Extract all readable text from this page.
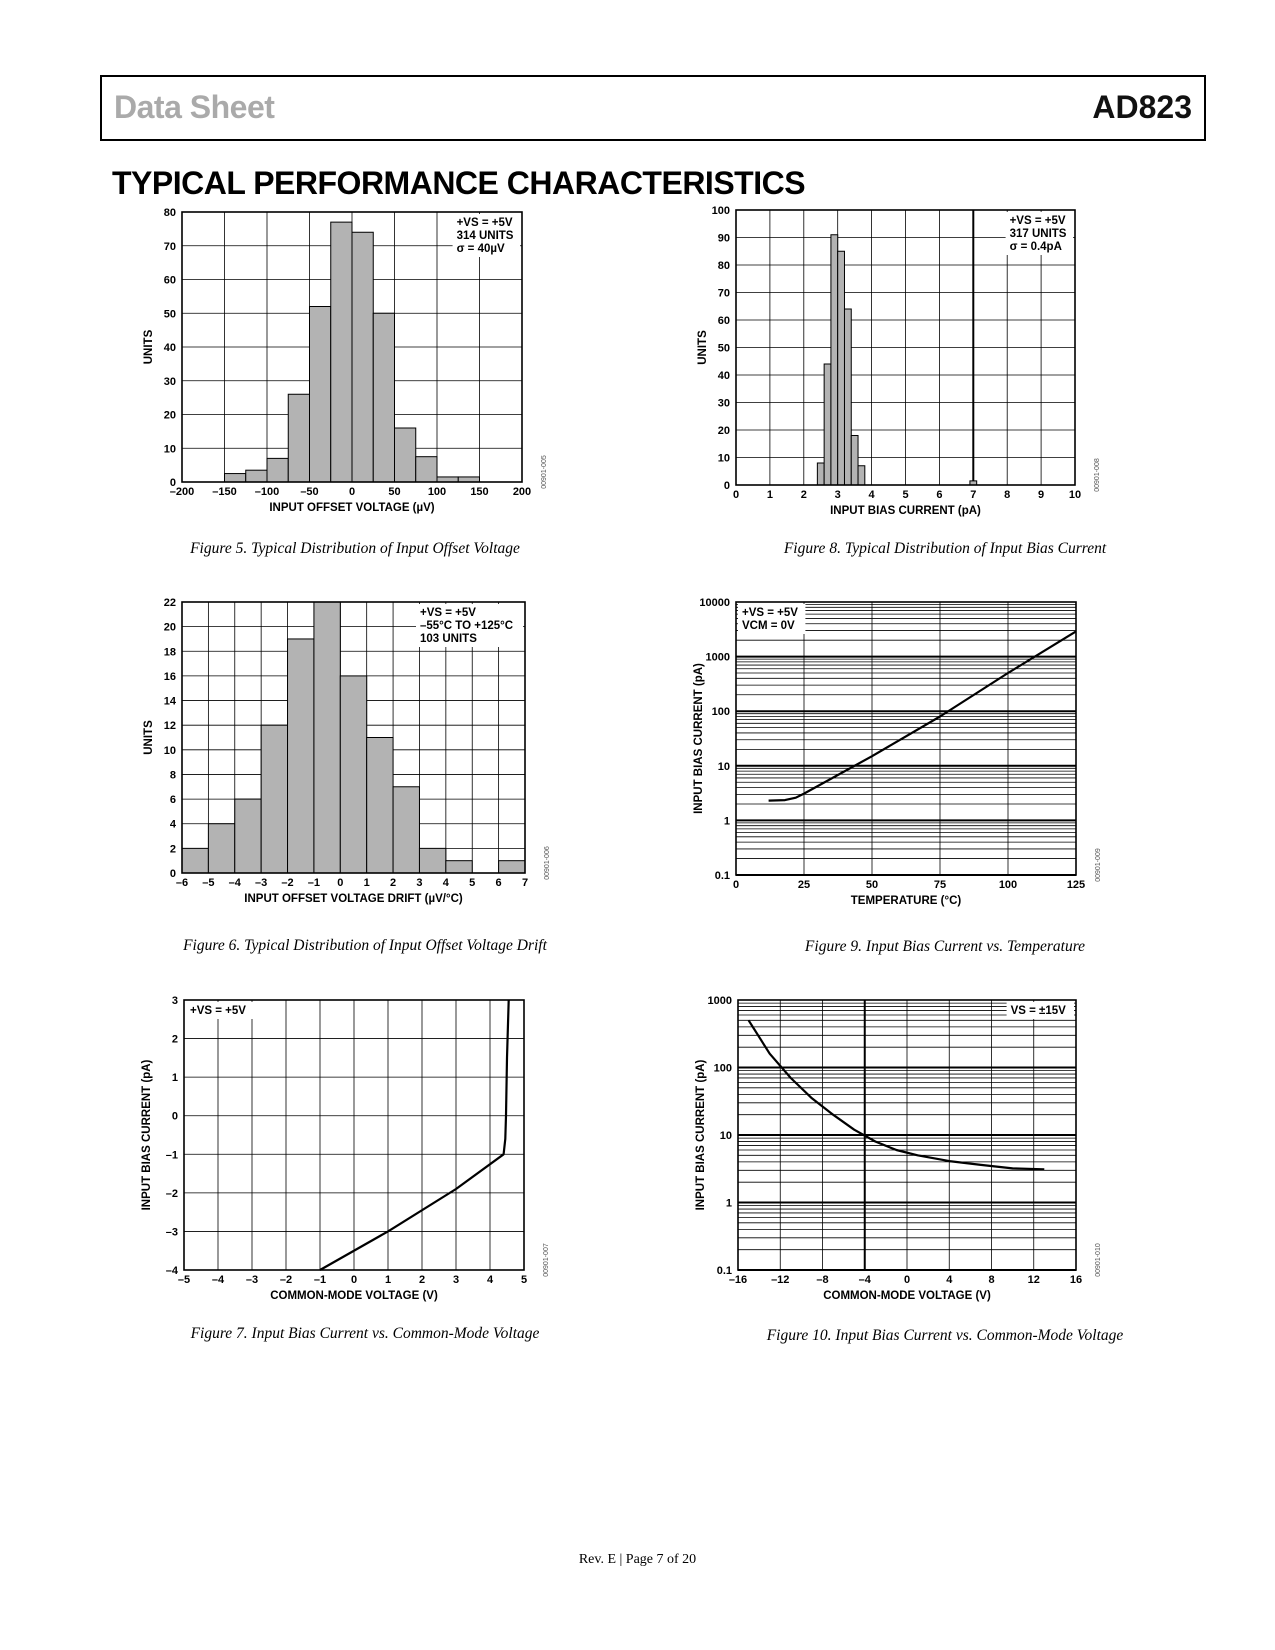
Data Sheet	AD823
TYPICAL PERFORMANCE CHARACTERISTICS
+VS = +5V
314 UNITS
σ = 40µV
–200 –150 –100 –50	0	50 100 150 200
0
10
20
30
40
50
60
70
80
INPUT OFFSET VOLTAGE (µV)
UNITS
00901-005
Figure 5. Typical Distribution of Input Offset Voltage
+VS = +5V
317 UNITS
σ = 0.4pA
0	1	2	3	4	5	6	7	8	9 10
0
10
20
30
40
50
60
70
80
90
100
INPUT BIAS CURRENT (pA)
UNITS
00901-008
Figure 8. Typical Distribution of Input Bias Current
+VS = +5V
–55°C TO +125°C
103 UNITS
–6 –5 –4 –3 –2 –1 0 1 2 3 4 5 6 7
0
2
4
6
8
10
12
14
16
18
20
22
INPUT OFFSET VOLTAGE DRIFT (µV/°C)
UNITS
00901-006
Figure 6. Typical Distribution of Input Offset Voltage Drift
+VS = +5V
VCM = 0V
0	25	50	75	100	125
0.1
1
10
100
1000
10000
TEMPERATURE (°C)
INPUT BIAS CURRENT (pA)
00901-009
Figure 9. Input Bias Current vs. Temperature
+VS = +5V
–5 –4 –3 –2 –1 0	1	2	3	4	5
–4
–3
–2
–1
0
1
2
3
COMMON-MODE VOLTAGE (V)
INPUT BIAS CURRENT (pA)
00901-007
Figure 7. Input Bias Current vs. Common-Mode Voltage
VS = ±15V
–16 –12 –8	–4	0	4	8	12	16
0.1
1
10
100
1000
COMMON-MODE VOLTAGE (V)
INPUT BIAS CURRENT (pA)
00901-010
Figure 10. Input Bias Current vs. Common-Mode Voltage
Rev. E | Page 7 of 20
